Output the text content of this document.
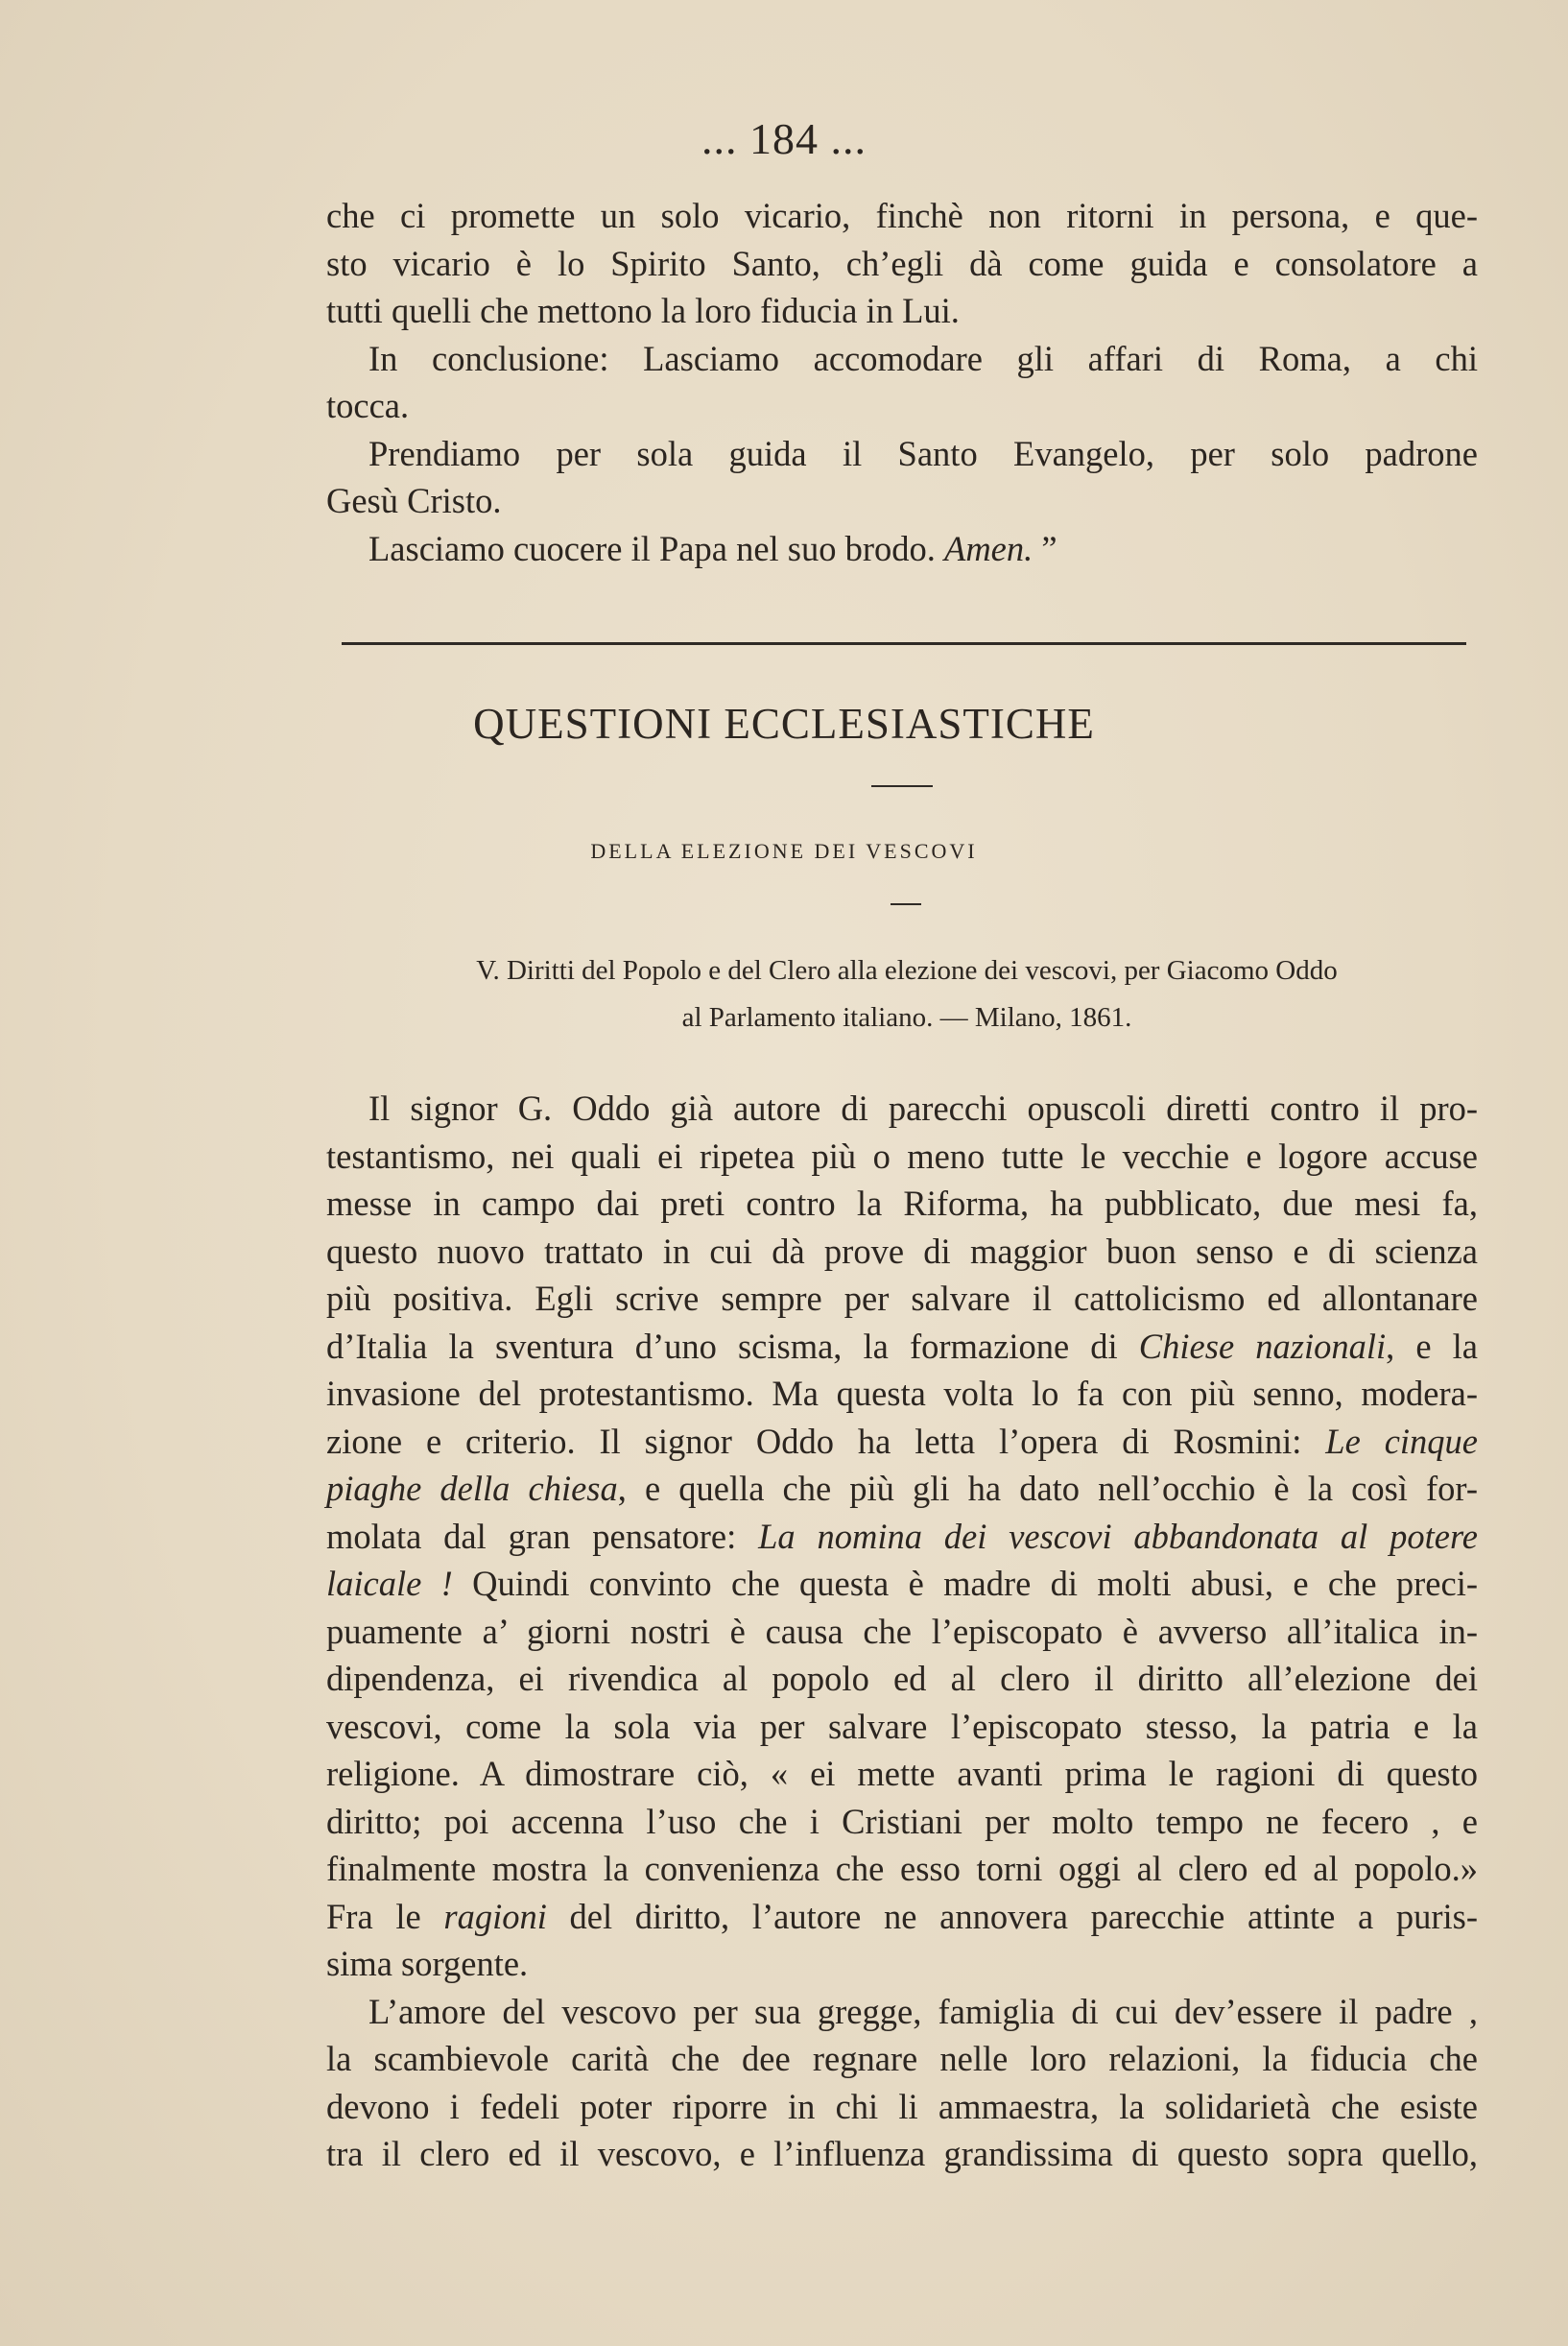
... 184 ...

che ci promette un solo vicario, finchè non ritorni in persona, e que-
sto vicario è lo Spirito Santo, ch’egli dà come guida e consolatore a
tutti quelli che mettono la loro fiducia in Lui.

In conclusione: Lasciamo accomodare gli affari di Roma, a chi
tocca.

Prendiamo per sola guida il Santo Evangelo, per solo padrone
Gesù Cristo.

Lasciamo cuocere il Papa nel suo brodo. Amen. ”

QUESTIONI ECCLESIASTICHE
DELLA ELEZIONE DEI VESCOVI
V. Diritti del Popolo e del Clero alla elezione dei vescovi, per Giacomo Oddo
al Parlamento italiano. — Milano, 1861.

Il signor G. Oddo già autore di parecchi opuscoli diretti contro il pro-
testantismo, nei quali ei ripetea più o meno tutte le vecchie e logore accuse
messe in campo dai preti contro la Riforma, ha pubblicato, due mesi fa,
questo nuovo trattato in cui dà prove di maggior buon senso e di scienza
più positiva. Egli scrive sempre per salvare il cattolicismo ed allontanare
d’Italia la sventura d’uno scisma, la formazione di Chiese nazionali, e la
invasione del protestantismo. Ma questa volta lo fa con più senno, modera-
zione e criterio. Il signor Oddo ha letta l’opera di Rosmini: Le cinque
piaghe della chiesa, e quella che più gli ha dato nell’occhio è la così for-
molata dal gran pensatore: La nomina dei vescovi abbandonata al potere
laicale ! Quindi convinto che questa è madre di molti abusi, e che preci-
puamente a’ giorni nostri è causa che l’episcopato è avverso all’italica in-
dipendenza, ei rivendica al popolo ed al clero il diritto all’elezione dei
vescovi, come la sola via per salvare l’episcopato stesso, la patria e la
religione. A dimostrare ciò, « ei mette avanti prima le ragioni di questo
diritto; poi accenna l’uso che i Cristiani per molto tempo ne fecero , e
finalmente mostra la convenienza che esso torni oggi al clero ed al popolo.»
Fra le ragioni del diritto, l’autore ne annovera parecchie attinte a puris-
sima sorgente.

L’amore del vescovo per sua gregge, famiglia di cui dev’essere il padre ,
la scambievole carità che dee regnare nelle loro relazioni, la fiducia che
devono i fedeli poter riporre in chi li ammaestra, la solidarietà che esiste
tra il clero ed il vescovo, e l’influenza grandissima di questo sopra quello,
